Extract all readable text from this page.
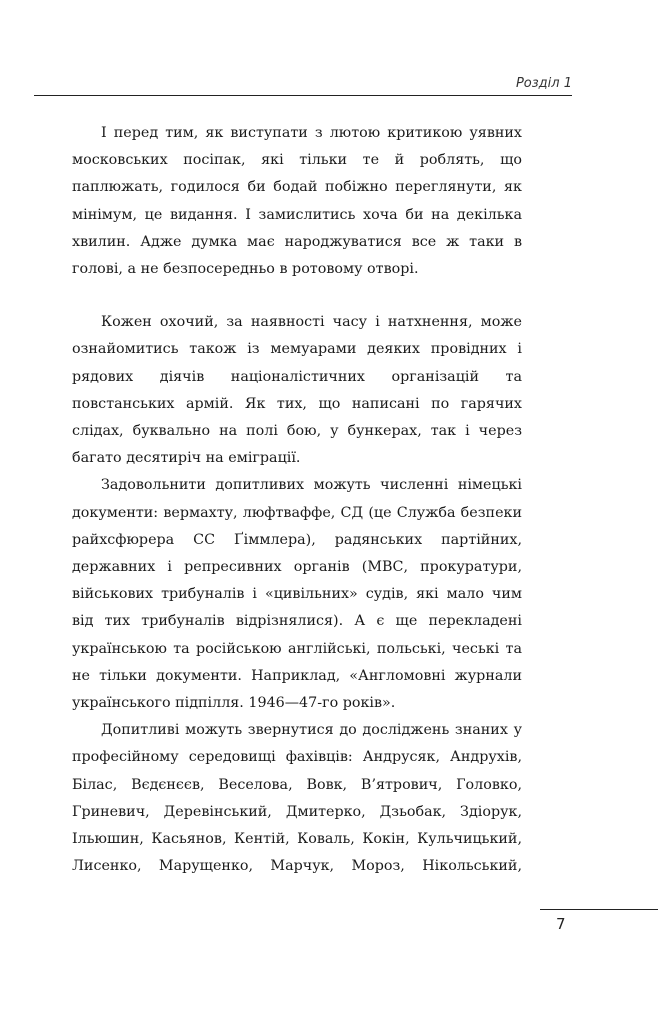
Розділ 1

І перед тим, як виступати з лютою критикою уявних московських посіпак, які тільки те й роблять, що паплюжать, годилося би бодай побіжно переглянути, як мінімум, це видання. І замислитись хоча би на декілька хвилин. Адже думка має народжуватися все ж таки в голові, а не безпосередньо в ротовому отворі.

Кожен охочий, за наявності часу і натхнення, може ознайомитись також із мемуарами деяких провідних і рядових діячів націоналістичних організацій та повстанських армій. Як тих, що написані по гарячих слідах, буквально на полі бою, у бункерах, так і через багато десятиріч на еміграції.

Задовольнити допитливих можуть численні німецькі документи: вермахту, люфтваффе, СД (це Служба безпеки райхсфюрера СС Ґіммлера), радянських партійних, державних і репресивних органів (МВС, прокуратури, військових трибуналів і «цивільних» судів, які мало чим від тих трибуналів відрізнялися). А є ще перекладені українською та російською англійські, польські, чеські та не тільки документи. Наприклад, «Англомовні журнали українського підпілля. 1946—47-го років».

Допитливі можуть звернутися до досліджень знаних у професійному середовищі фахівців: Андрусяк, Андрухів, Білас, Вєдєнєєв, Веселова, Вовк, В’ятрович, Головко, Гриневич, Деревінський, Дмитерко, Дзьобак, Здіорук, Ільюшин, Касьянов, Кентій, Коваль, Кокін, Кульчицький, Лисенко, Марущенко, Марчук, Мороз, Нікольський,

7
